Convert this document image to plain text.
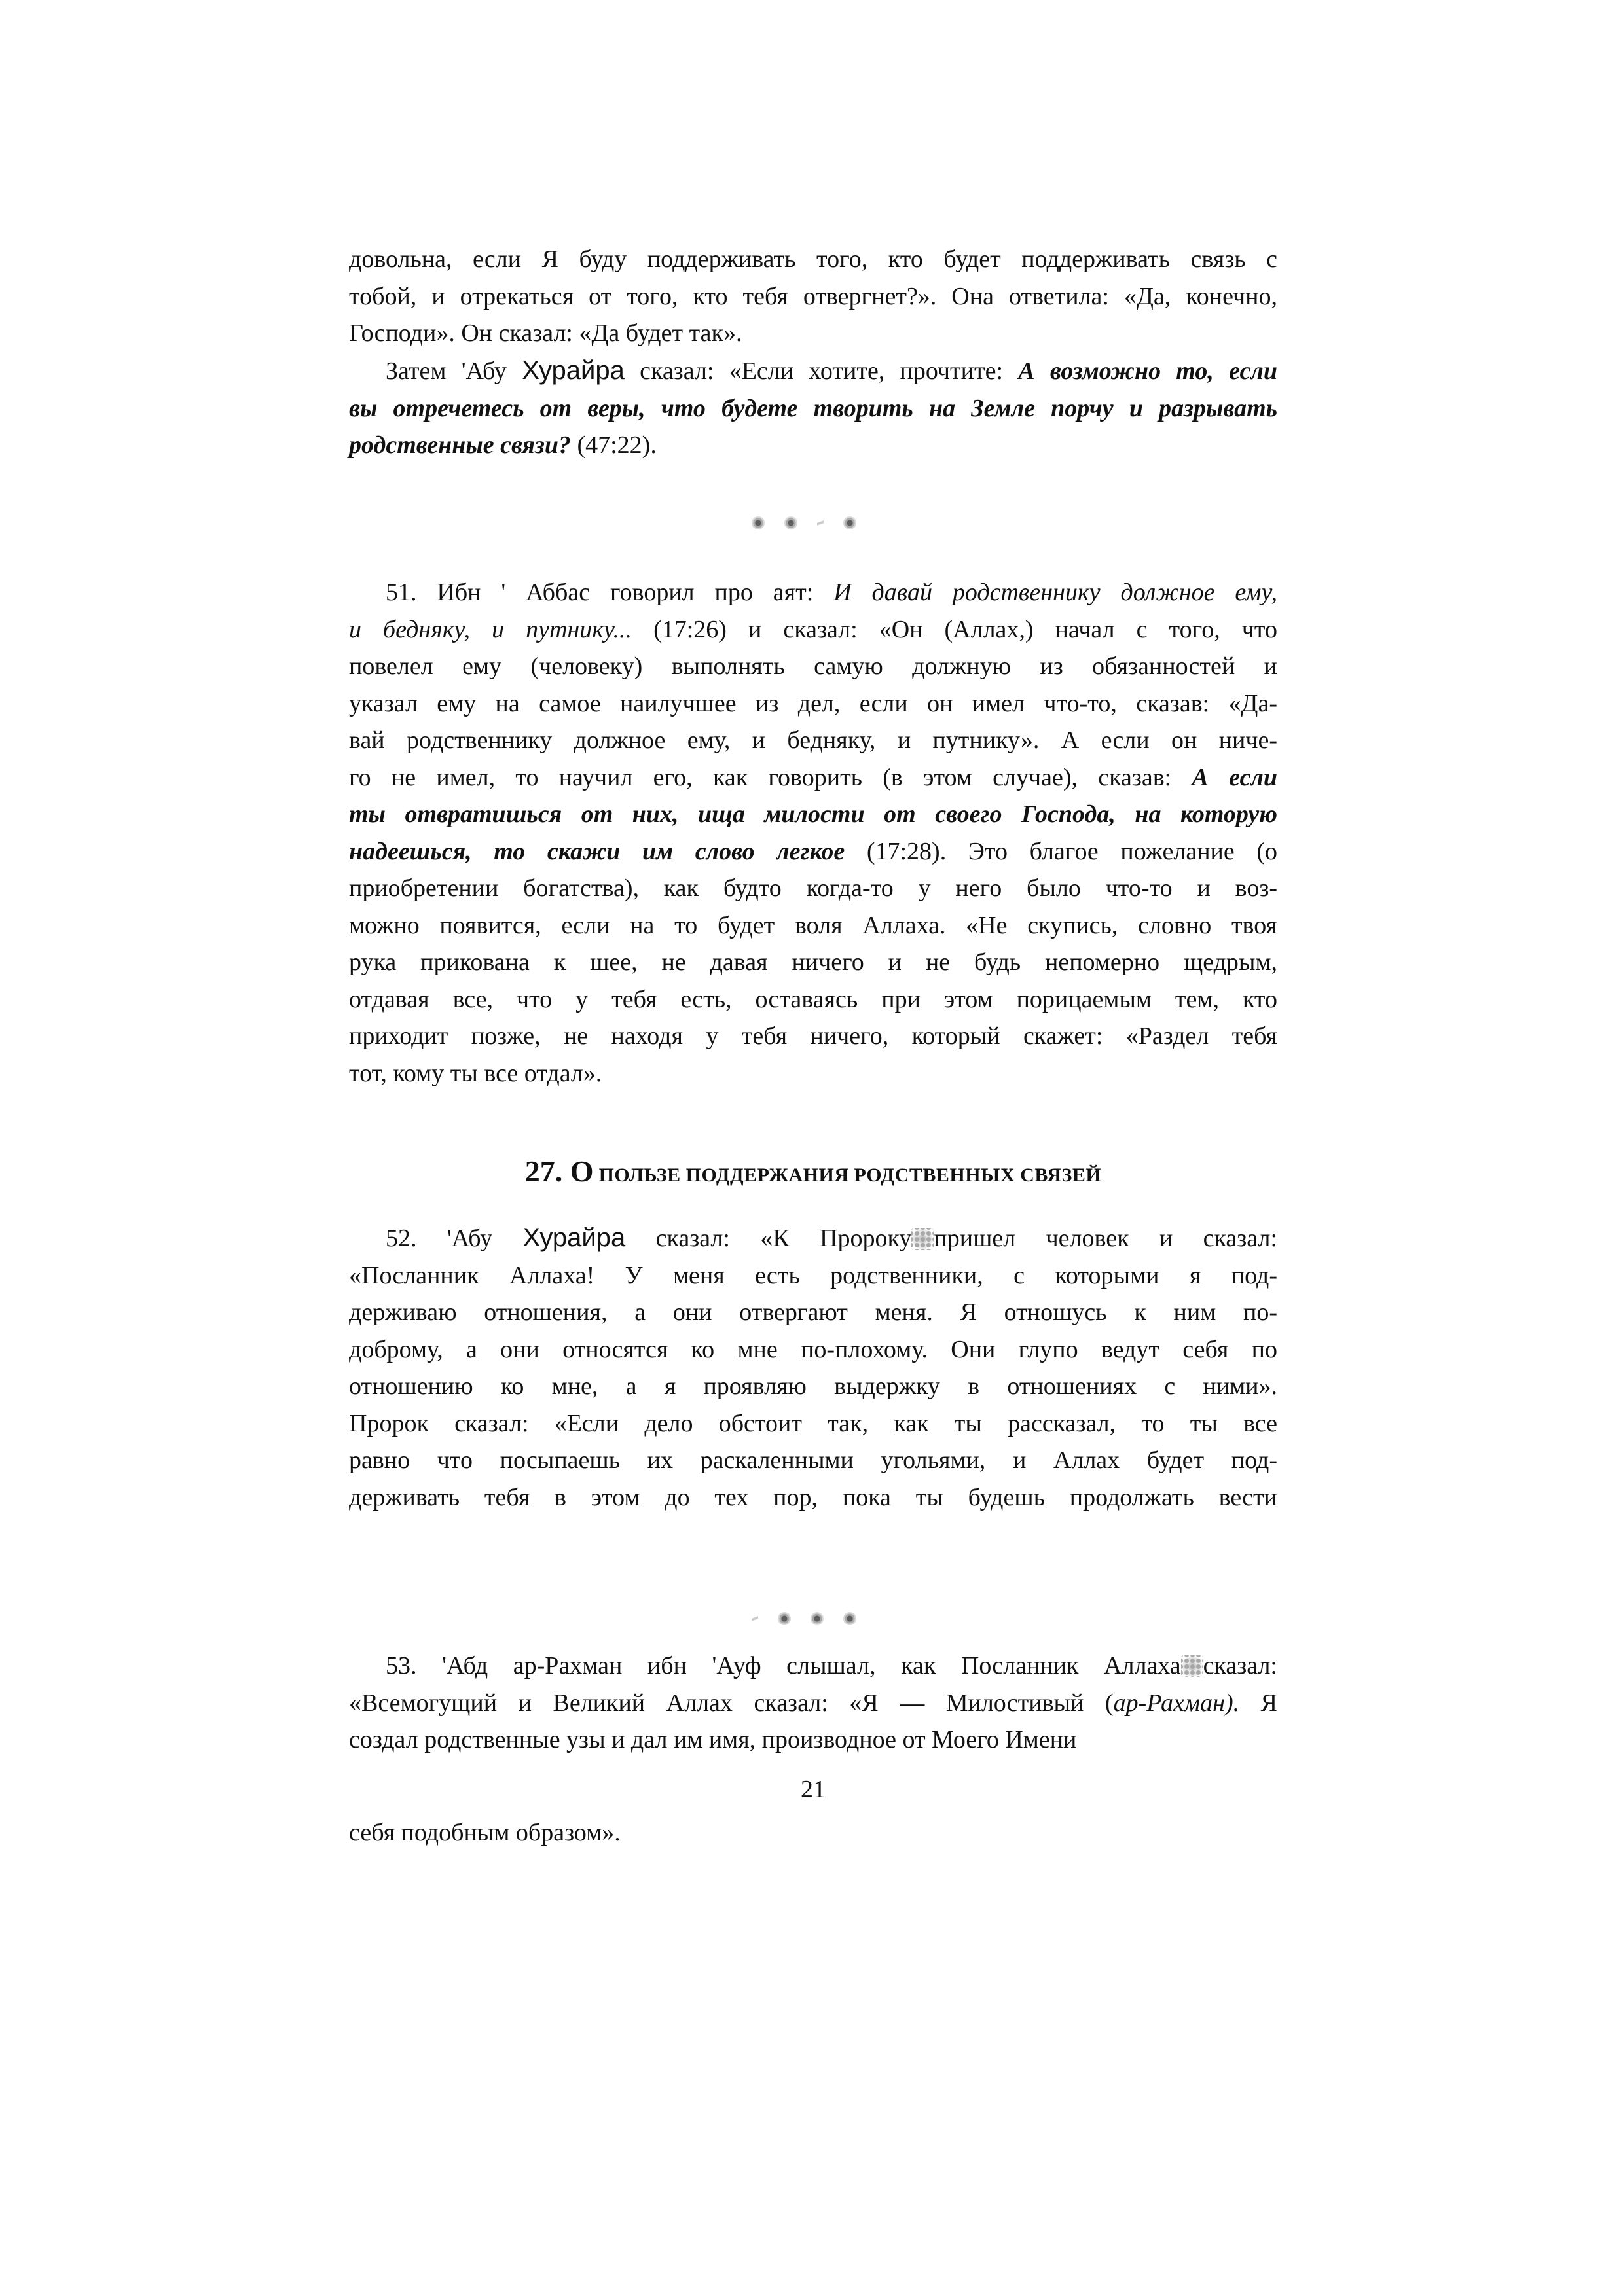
довольна, если Я буду поддерживать того, кто будет поддерживать связь с
тобой, и отрекаться от того, кто тебя отвергнет?». Она ответила: «Да, конечно,
Господи». Он сказал: «Да будет так».
Затем 'Абу Хурайра сказал: «Если хотите, прочтите: А возможно то, если
вы отречетесь от веры, что будете творить на Земле порчу и разрывать
родственные связи? (47:22).
51. Ибн ' Аббас говорил про аят: И давай родственнику должное ему,
и бедняку, и путнику... (17:26) и сказал: «Он (Аллах,) начал с того, что
повелел ему (человеку) выполнять самую должную из обязанностей и
указал ему на самое наилучшее из дел, если он имел что-то, сказав: «Да-
вай родственнику должное ему, и бедняку, и путнику». А если он ниче-
го не имел, то научил его, как говорить (в этом случае), сказав: А если
ты отвратишься от них, ища милости от своего Господа, на которую
надеешься, то скажи им слово легкое (17:28). Это благое пожелание (о
приобретении богатства), как будто когда-то у него было что-то и воз-
можно появится, если на то будет воля Аллаха. «Не скупись, словно твоя
рука прикована к шее, не давая ничего и не будь непомерно щедрым,
отдавая все, что у тебя есть, оставаясь при этом порицаемым тем, кто
приходит позже, не находя у тебя ничего, который скажет: «Раздел тебя
тот, кому ты все отдал».
27. О ПОЛЬЗЕ ПОДДЕРЖАНИЯ РОДСТВЕННЫХ СВЯЗЕЙ
52. 'Абу Хурайра сказал: «К Пророку пришел человек и сказал:
«Посланник Аллаха! У меня есть родственники, с которыми я под-
держиваю отношения, а они отвергают меня. Я отношусь к ним по-
доброму, а они относятся ко мне по-плохому. Они глупо ведут себя по
отношению ко мне, а я проявляю выдержку в отношениях с ними».
Пророк сказал: «Если дело обстоит так, как ты рассказал, то ты все
равно что посыпаешь их раскаленными угольями, и Аллах будет под-
держивать тебя в этом до тех пор, пока ты будешь продолжать вести
53. 'Абд ар-Рахман ибн 'Ауф слышал, как Посланник Аллаха сказал:
«Всемогущий и Великий Аллах сказал: «Я — Милостивый (ар-Рахман). Я
создал родственные узы и дал им имя, производное от Моего Имени

21

себя подобным образом».
